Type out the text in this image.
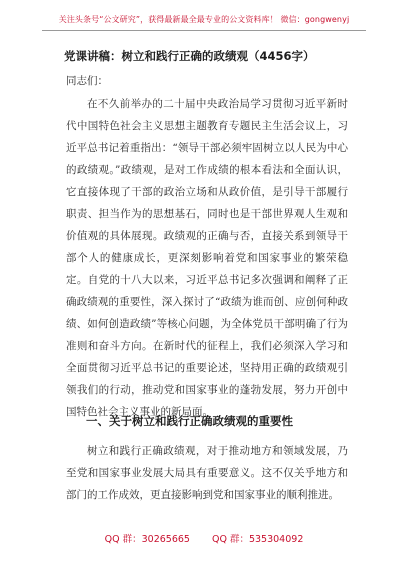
关注头条号“公文研究”，获得最新最全最专业的公文资料库！ 微信：gongwenyj
党课讲稿：树立和践行正确的政绩观（4456字）
同志们：

在不久前举办的二十届中央政治局学习贯彻习近平新时代中国特色社会主义思想主题教育专题民主生活会议上，习近平总书记着重指出：“领导干部必须牢固树立以人民为中心的政绩观。”政绩观，是对工作成绩的根本看法和全面认识，它直接体现了干部的政治立场和从政价值，是引导干部履行职责、担当作为的思想基石，同时也是干部世界观人生观和价值观的具体展现。政绩观的正确与否，直接关系到领导干部个人的健康成长，更深刻影响着党和国家事业的繁荣稳定。自党的十八大以来，习近平总书记多次强调和阐释了正确政绩观的重要性，深入探讨了“政绩为谁而创、应创何种政绩、如何创造政绩”等核心问题，为全体党员干部明确了行为准则和奋斗方向。在新时代的征程上，我们必须深入学习和全面贯彻习近平总书记的重要论述，坚持用正确的政绩观引领我们的行动，推动党和国家事业的蓬勃发展，努力开创中国特色社会主义事业的新局面。

一、关于树立和践行正确政绩观的重要性

树立和践行正确政绩观，对于推动地方和领域发展，乃至党和国家事业发展大局具有重要意义。这不仅关乎地方和部门的工作成效，更直接影响到党和国家事业的顺利推进。

QQ 群：30265665 QQ 群：535304092
